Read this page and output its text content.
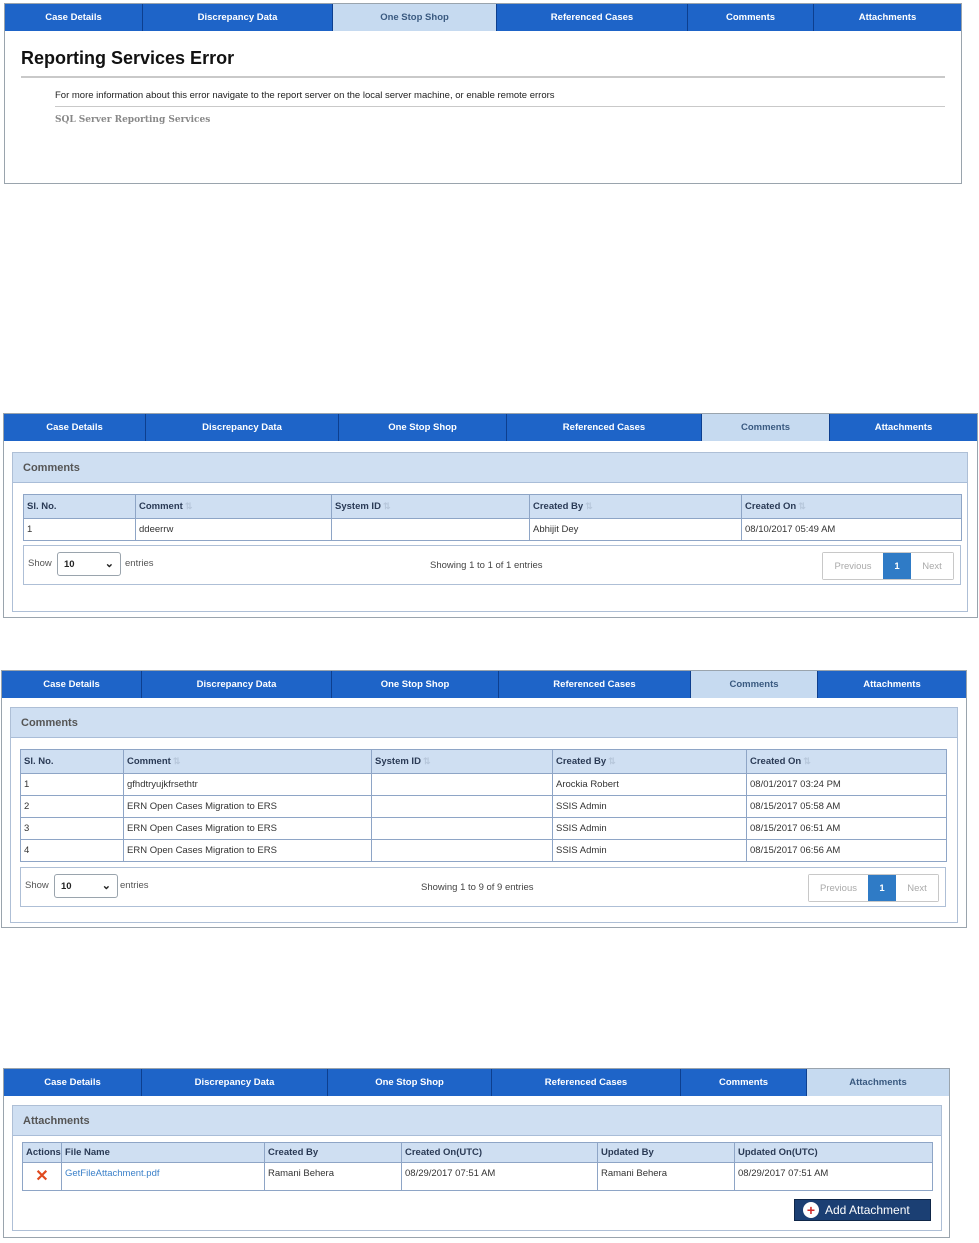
Case Details	Discrepancy Data	One Stop Shop	Referenced Cases	Comments	Attachments
Reporting Services Error
For more information about this error navigate to the report server on the local server machine, or enable remote errors
SQL Server Reporting Services
Case Details	Discrepancy Data	One Stop Shop	Referenced Cases	Comments	Attachments
Comments
Sl. No.	Comment ⇅	System ID ⇅	Created By ⇅	Created On ⇅
1	ddeerrw		Abhijit Dey	08/10/2017 05:49 AM
Show 10	⌄ entries	Showing 1 to 1 of 1 entries	Previous	1	Next
Case Details	Discrepancy Data	One Stop Shop	Referenced Cases	Comments	Attachments
Comments
Sl. No.	Comment ⇅	System ID ⇅	Created By ⇅	Created On ⇅
1	gfhdtryujkfrsethtr		Arockia Robert	08/01/2017 03:24 PM
2	ERN Open Cases Migration to ERS		SSIS Admin	08/15/2017 05:58 AM
3	ERN Open Cases Migration to ERS		SSIS Admin	08/15/2017 06:51 AM
4	ERN Open Cases Migration to ERS		SSIS Admin	08/15/2017 06:56 AM
Show 10	⌄ entries	Showing 1 to 9 of 9 entries	Previous	1	Next
Case Details	Discrepancy Data	One Stop Shop	Referenced Cases	Comments	Attachments
Attachments
Actions	File Name	Created By	Created On(UTC)	Updated By	Updated On(UTC)
✕	GetFileAttachment.pdf	Ramani Behera	08/29/2017 07:51 AM	Ramani Behera	08/29/2017 07:51 AM
+ Add Attachment
